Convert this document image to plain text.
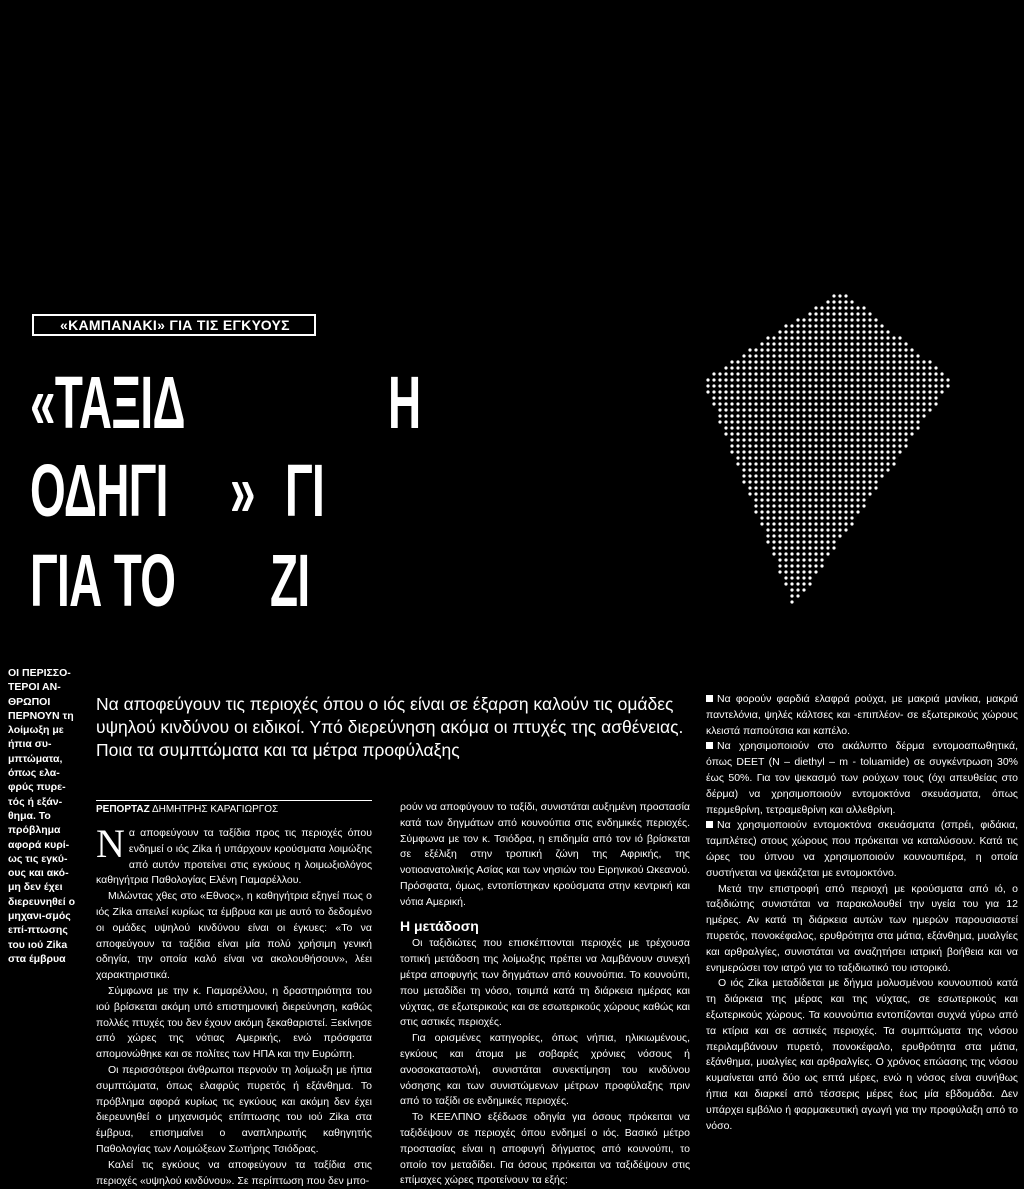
«ΚΑΜΠΑΝΑΚΙ» ΓΙΑ ΤΙΣ ΕΓΚΥΟΥΣ
«ΤΑΞΙΔ	Η
ΟΔΗΓΙ » ΓΙ
ΓΙΑ ΤΟ ΖΙ
ΟΙ ΠΕΡΙΣΣΟ-ΤΕΡΟΙ ΑΝ-ΘΡΩΠΟΙ ΠΕΡΝΟΥΝ τη λοίμωξη με ήπια συ-μπτώματα, όπως ελα-φρύς πυρε-τός ή εξάν-θημα. Το πρόβλημα αφορά κυρί-ως τις εγκύ-ους και ακό-μη δεν έχει διερευνηθεί ο μηχανι-σμός επί-πτωσης του ιού Zika στα έμβρυα
Να αποφεύγουν τις περιοχές όπου ο ιός είναι σε έξαρση καλούν τις ομάδες υψηλού κινδύνου οι ειδικοί. Υπό διερεύνηση ακόμα οι πτυχές της ασθένειας. Ποια τα συμπτώματα και τα μέτρα προφύλαξης
ΡΕΠΟΡΤΑΖ ΔΗΜΗΤΡΗΣ ΚΑΡΑΓΙΩΡΓΟΣ

Να αποφεύγουν τα ταξίδια προς τις περιοχές όπου ενδημεί ο ιός Zika ή υπάρχουν κρούσματα λοιμώξης από αυτόν προτείνει στις εγκύους η λοιμωξιολόγος καθηγήτρια Παθολογίας Ελένη Γιαμαρέλλου.

Μιλώντας χθες στο «Εθνος», η καθηγήτρια εξηγεί πως ο ιός Zika απειλεί κυρίως τα έμβρυα και με αυτό το δεδομένο οι ομάδες υψηλού κινδύνου είναι οι έγκυες: «Το να αποφεύγουν τα ταξίδια είναι μία πολύ χρήσιμη γενική οδηγία, την οποία καλό είναι να ακολουθήσουν», λέει χαρακτηριστικά.

Σύμφωνα με την κ. Γιαμαρέλλου, η δραστηριότητα του ιού βρίσκεται ακόμη υπό επιστημονική διερεύνηση, καθώς πολλές πτυχές του δεν έχουν ακόμη ξεκαθαριστεί. Ξεκίνησε από χώρες της νότιας Αμερικής, ενώ πρόσφατα απομονώθηκε και σε πολίτες των ΗΠΑ και την Ευρώπη.

Οι περισσότεροι άνθρωποι περνούν τη λοίμωξη με ήπια συμπτώματα, όπως ελαφρύς πυρετός ή εξάνθημα. Το πρόβλημα αφορά κυρίως τις εγκύους και ακόμη δεν έχει διερευνηθεί ο μηχανισμός επίπτωσης του ιού Zika στα έμβρυα, επισημαίνει ο αναπληρωτής καθηγητής Παθολογίας των Λοιμώξεων Σωτήρης Τσιόδρας.

Καλεί τις εγκύους να αποφεύγουν τα ταξίδια στις περιοχές «υψηλού κινδύνου». Σε περίπτωση που δεν μπο-

ρούν να αποφύγουν το ταξίδι, συνιστάται αυξημένη προστασία κατά των δηγμάτων από κουνούπια στις ενδημικές περιοχές. Σύμφωνα με τον κ. Τσιόδρα, η επιδημία από τον ιό βρίσκεται σε εξέλιξη στην τροπική ζώνη της Αφρικής, της νοτιοανατολικής Ασίας και των νησιών του Ειρηνικού Ωκεανού. Πρόσφατα, όμως, εντοπίστηκαν κρούσματα στην κεντρική και νότια Αμερική.

Η μετάδοση

Οι ταξιδιώτες που επισκέπτονται περιοχές με τρέχουσα τοπική μετάδοση της λοίμωξης πρέπει να λαμβάνουν συνεχή μέτρα αποφυγής των δηγμάτων από κουνούπια. Το κουνούπι, που μεταδίδει τη νόσο, τσιμπά κατά τη διάρκεια ημέρας και νύχτας, σε εξωτερικούς και σε εσωτερικούς χώρους καθώς και στις αστικές περιοχές.

Για ορισμένες κατηγορίες, όπως νήπια, ηλικιωμένους, εγκύους και άτομα με σοβαρές χρόνιες νόσους ή ανοσοκαταστολή, συνιστάται συνεκτίμηση του κινδύνου νόσησης και των συνιστώμενων μέτρων προφύλαξης πριν από το ταξίδι σε ενδημικές περιοχές.

Το ΚΕΕΛΠΝΟ εξέδωσε οδηγία για όσους πρόκειται να ταξιδέψουν σε περιοχές όπου ενδημεί ο ιός. Βασικό μέτρο προστασίας είναι η αποφυγή δήγματος από κουνούπι, το οποίο τον μεταδίδει. Για όσους πρόκειται να ταξιδέψουν στις επίμαχες χώρες προτείνουν τα εξής:

Να φορούν φαρδιά ελαφρά ρούχα, με μακριά μανίκια, μακριά παντελόνια, ψηλές κάλτσες και -επιπλέον- σε εξωτερικούς χώρους κλειστά παπούτσια και καπέλο.

Να χρησιμοποιούν στο ακάλυπτο δέρμα εντομοαπωθητικά, όπως DEET (N – diethyl – m - toluamide) σε συγκέντρωση 30% έως 50%. Για τον ψεκασμό των ρούχων τους (όχι απευθείας στο δέρμα) να χρησιμοποιούν εντομοκτόνα σκευάσματα, όπως περμεθρίνη, τετραμεθρίνη και αλλεθρίνη.

Να χρησιμοποιούν εντομοκτόνα σκευάσματα (σπρέι, φιδάκια, ταμπλέτες) στους χώρους που πρόκειται να καταλύσουν. Κατά τις ώρες του ύπνου να χρησιμοποιούν κουνουπιέρα, η οποία συστήνεται να ψεκάζεται με εντομοκτόνο.

Μετά την επιστροφή από περιοχή με κρούσματα από ιό, ο ταξιδιώτης συνιστάται να παρακολουθεί την υγεία του για 12 ημέρες. Αν κατά τη διάρκεια αυτών των ημερών παρουσιαστεί πυρετός, πονοκέφαλος, ερυθρότητα στα μάτια, εξάνθημα, μυαλγίες και αρθραλγίες, συνιστάται να αναζητήσει ιατρική βοήθεια και να ενημερώσει τον ιατρό για το ταξιδιωτικό του ιστορικό.

Ο ιός Zika μεταδίδεται με δήγμα μολυσμένου κουνουπιού κατά τη διάρκεια της μέρας και της νύχτας, σε εσωτερικούς και εξωτερικούς χώρους. Τα κουνούπια εντοπίζονται συχνά γύρω από τα κτίρια και σε αστικές περιοχές. Τα συμπτώματα της νόσου περιλαμβάνουν πυρετό, πονοκέφαλο, ερυθρότητα στα μάτια, εξάνθημα, μυαλγίες και αρθραλγίες. Ο χρόνος επώασης της νόσου κυμαίνεται από δύο ως επτά μέρες, ενώ η νόσος είναι συνήθως ήπια και διαρκεί από τέσσερις μέρες έως μία εβδομάδα. Δεν υπάρχει εμβόλιο ή φαρμακευτική αγωγή για την προφύλαξη από το νόσο.
